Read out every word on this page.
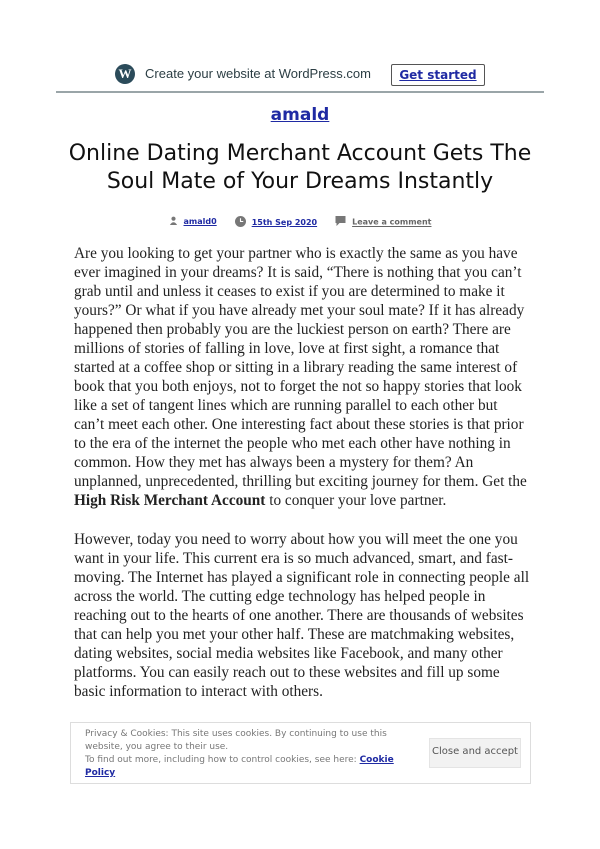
W Create your website at WordPress.com	Get started
amald
Online Dating Merchant Account Gets The Soul Mate of Your Dreams Instantly
amald0	15th Sep 2020	Leave a comment

Are you looking to get your partner who is exactly the same as you have ever imagined in your dreams? It is said, “There is nothing that you can’t grab until and unless it ceases to exist if you are determined to make it yours?” Or what if you have already met your soul mate? If it has already happened then probably you are the luckiest person on earth? There are millions of stories of falling in love, love at first sight, a romance that started at a coffee shop or sitting in a library reading the same interest of book that you both enjoys, not to forget the not so happy stories that look like a set of tangent lines which are running parallel to each other but can’t meet each other. One interesting fact about these stories is that prior to the era of the internet the people who met each other have nothing in common. How they met has always been a mystery for them? An unplanned, unprecedented, thrilling but exciting journey for them. Get the High Risk Merchant Account to conquer your love partner.

However, today you need to worry about how you will meet the one you want in your life. This current era is so much advanced, smart, and fast-moving. The Internet has played a significant role in connecting people all across the world. The cutting edge technology has helped people in reaching out to the hearts of one another. There are thousands of websites that can help you met your other half. These are matchmaking websites, dating websites, social media websites like Facebook, and many other platforms. You can easily reach out to these websites and fill up some basic information to interact with others.

Privacy & Cookies: This site uses cookies. By continuing to use this website, you agree to their use.
To find out more, including how to control cookies, see here: Cookie Policy
Close and accept
